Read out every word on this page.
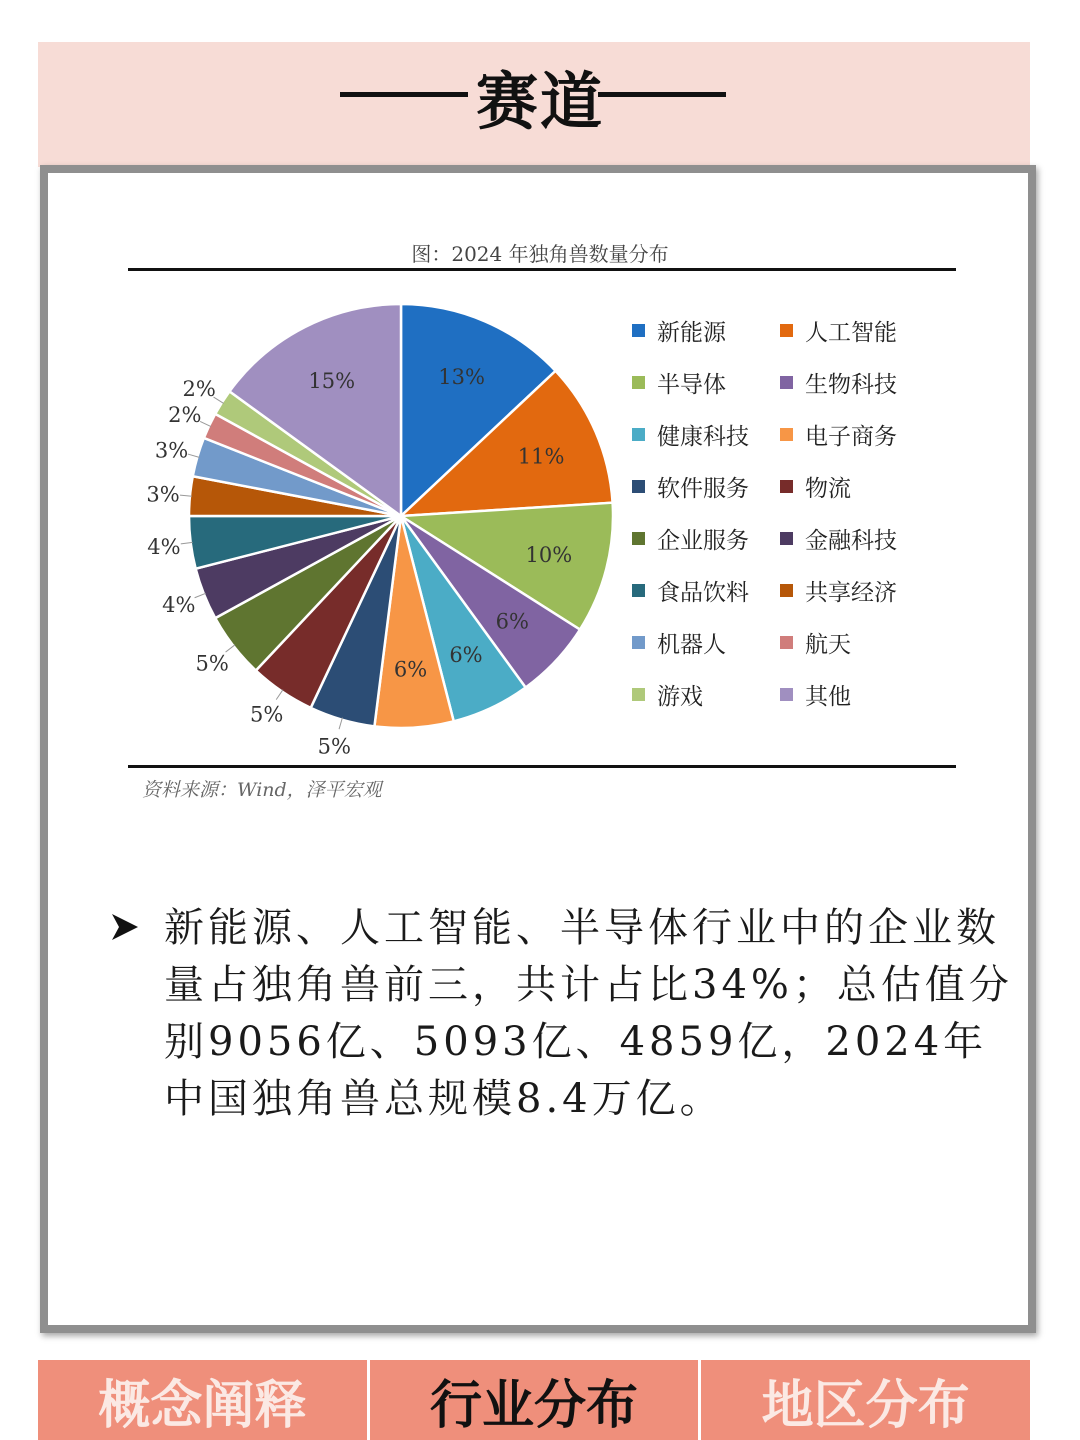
赛道
图：2024 年独角兽数量分布
13%
11%
10%
6%
6%
6%
5%
5%
5%
4%
4%
3%
3%
2%
2%	15%
新能源	人工智能
半导体	生物科技
健康科技 电子商务
软件服务 物流
企业服务 金融科技
食品饮料 共享经济
机器人	航天
游戏	其他
资料来源：Wind，泽平宏观
新能源、人工智能、半导体行业中的企业数量占独角兽前三，共计占比34%；总估值分别9056亿、5093亿、4859亿，2024年中国独角兽总规模8.4万亿。
概念阐释	行业分布	地区分布
